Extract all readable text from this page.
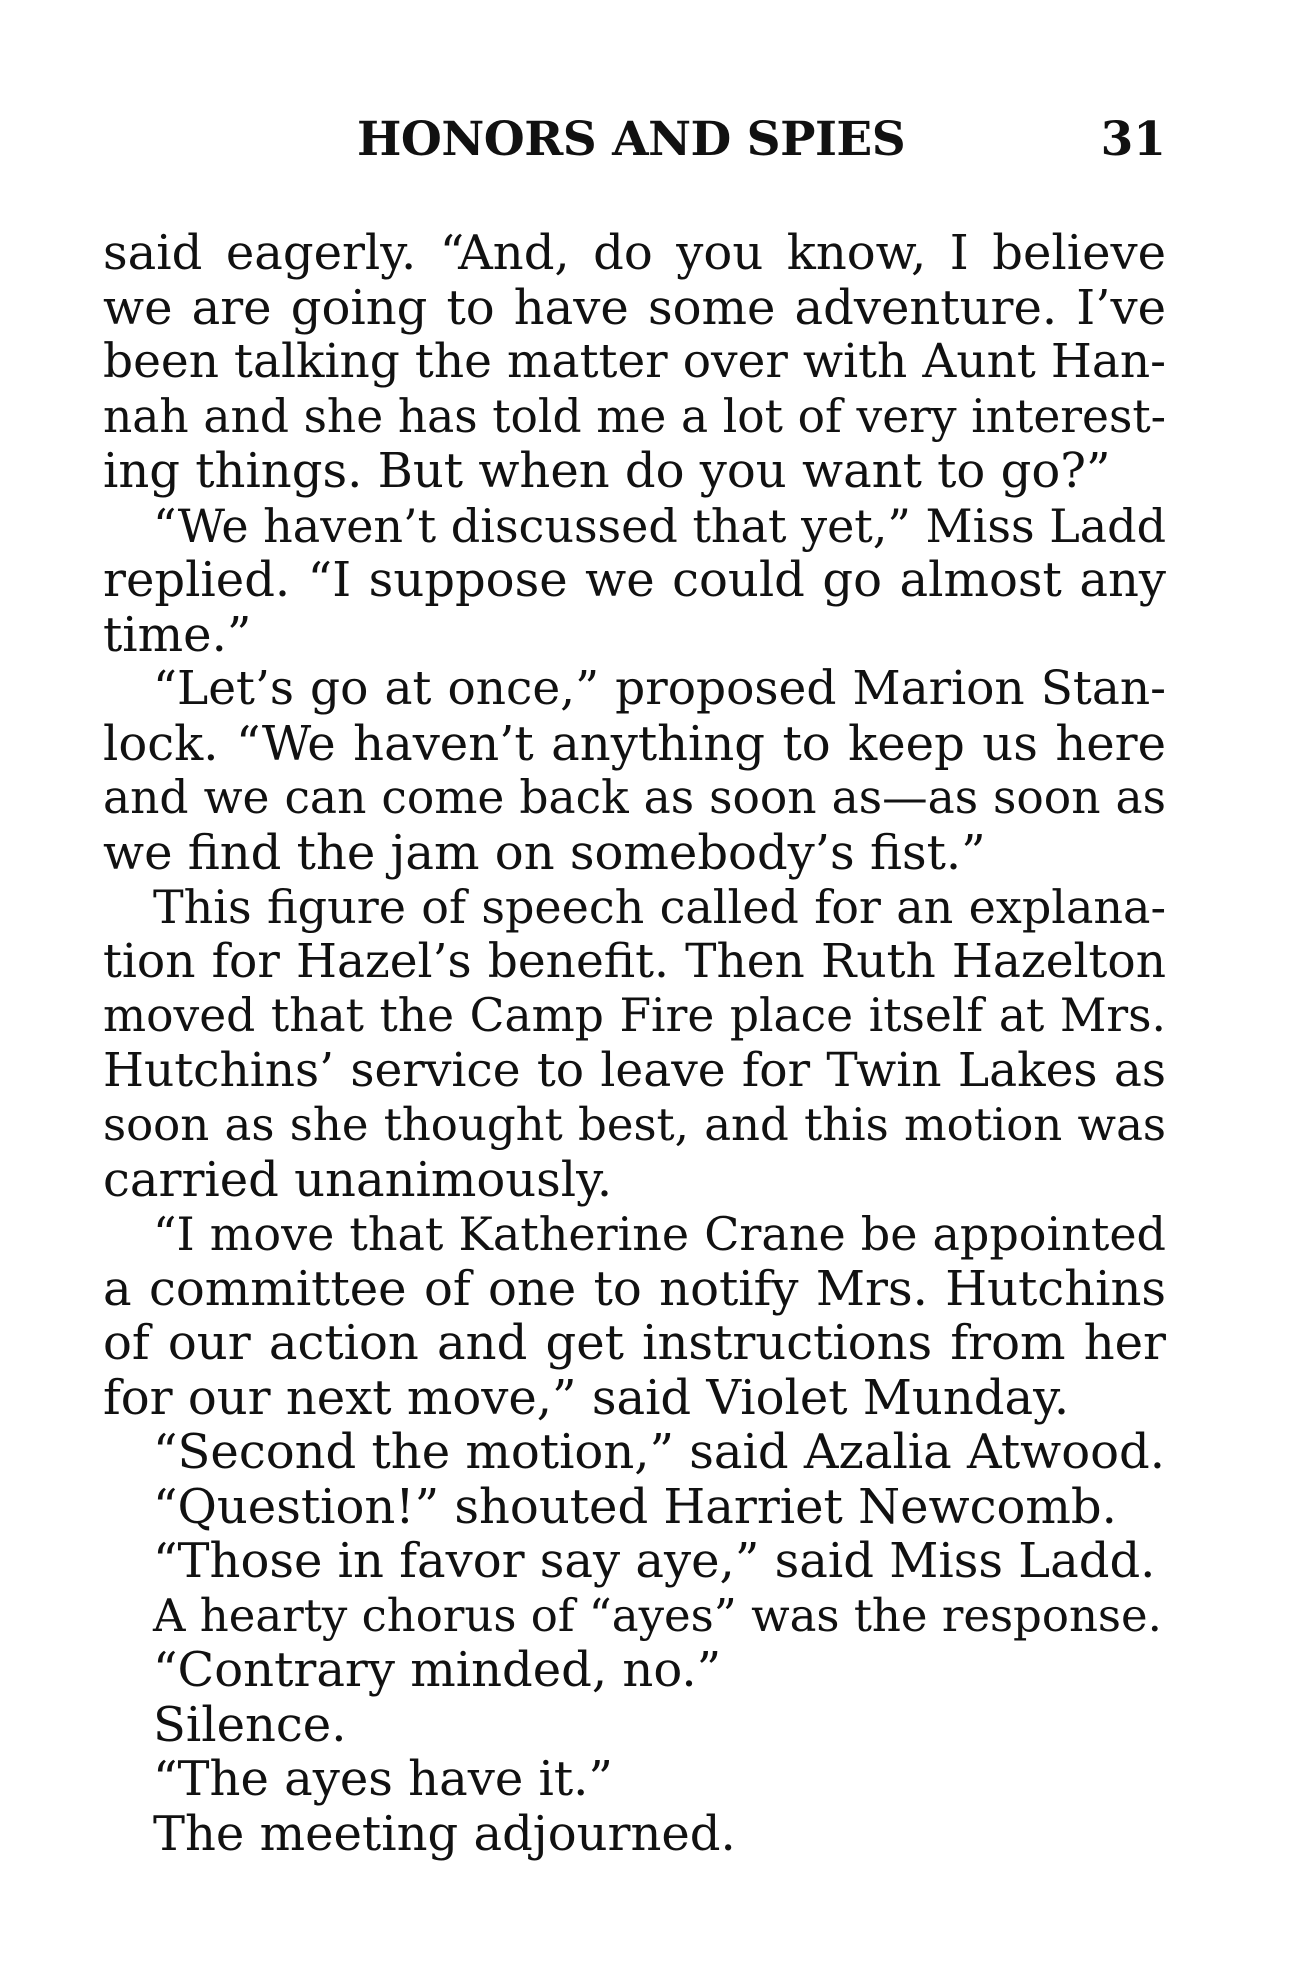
HONORS AND SPIES	31
said eagerly. “And, do you know, I believe
we are going to have some adventure. I’ve
been talking the matter over with Aunt Han-
nah and she has told me a lot of very interest-
ing things. But when do you want to go?”
“We haven’t discussed that yet,” Miss Ladd
replied. “I suppose we could go almost any
time.”
“Let’s go at once,” proposed Marion Stan-
lock. “We haven’t anything to keep us here
and we can come back as soon as—as soon as
we find the jam on somebody’s fist.”
This figure of speech called for an explana-
tion for Hazel’s benefit. Then Ruth Hazelton
moved that the Camp Fire place itself at Mrs.
Hutchins’ service to leave for Twin Lakes as
soon as she thought best, and this motion was
carried unanimously.
“I move that Katherine Crane be appointed
a committee of one to notify Mrs. Hutchins
of our action and get instructions from her
for our next move,” said Violet Munday.
“Second the motion,” said Azalia Atwood.
“Question!” shouted Harriet Newcomb.
“Those in favor say aye,” said Miss Ladd.
A hearty chorus of “ayes” was the response.
“Contrary minded, no.”
Silence.
“The ayes have it.”
The meeting adjourned.
